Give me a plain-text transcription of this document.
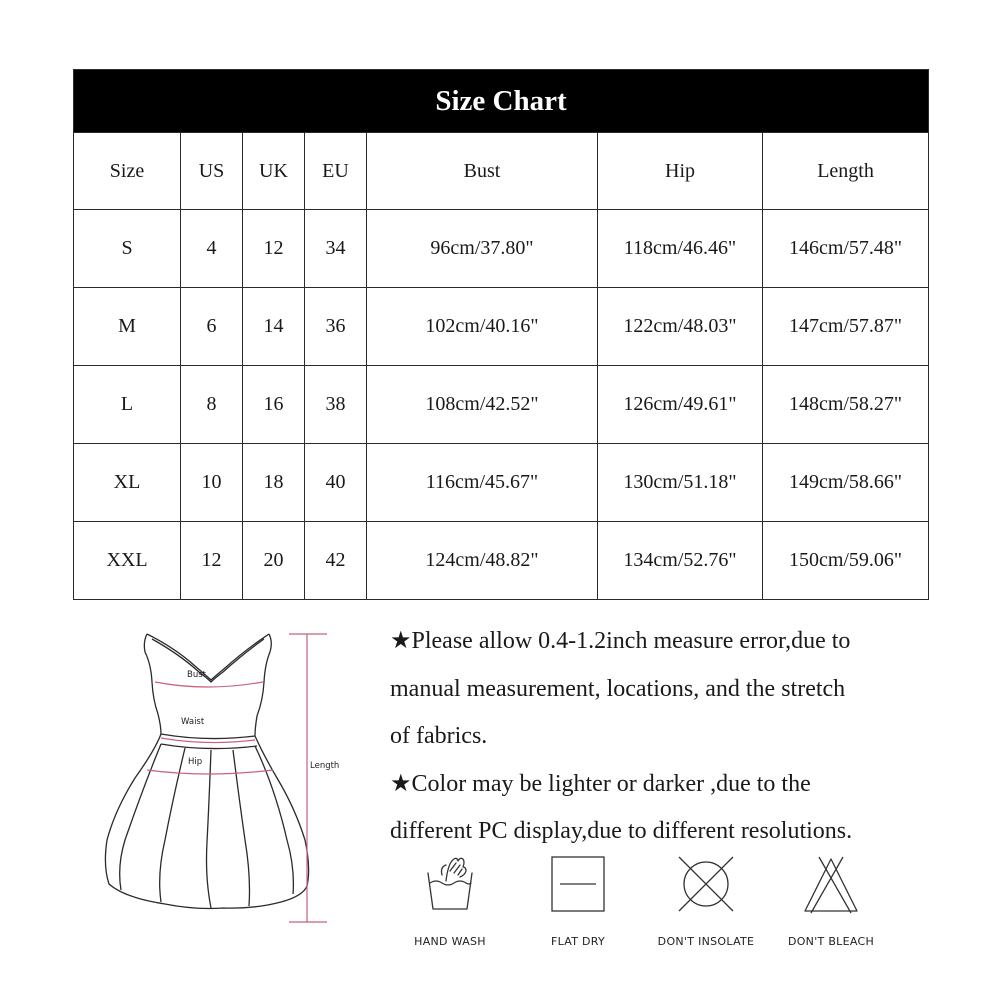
Size Chart						
Size	US	UK	EU	Bust	Hip	Length
S	4	12	34	96cm/37.80"	118cm/46.46"	146cm/57.48"
M	6	14	36	102cm/40.16"	122cm/48.03"	147cm/57.87"
L	8	16	38	108cm/42.52"	126cm/49.61"	148cm/58.27"
XL	10	18	40	116cm/45.67"	130cm/51.18"	149cm/58.66"
XXL	12	20	42	124cm/48.82"	134cm/52.76"	150cm/59.06"
Bust
Waist
Hip	Length

★Please allow 0.4-1.2inch measure error,due to

manual measurement, locations, and the stretch

of fabrics.

★Color may be lighter or darker ,due to the

different PC display,due to different resolutions.

HAND WASH	FLAT DRY	DON'T INSOLATE	DON'T BLEACH
